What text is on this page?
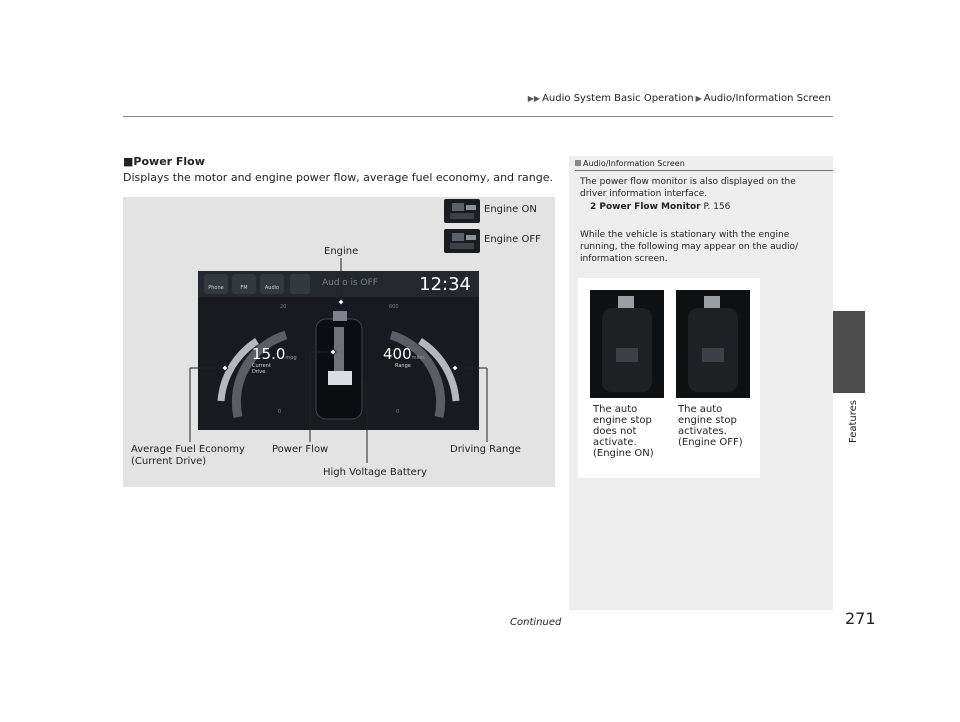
▶▶ Audio System Basic Operation ▶ Audio/Information Screen
Features
■Power Flow
Displays the motor and engine power flow, average fuel economy, and range.
Engine ON
Engine OFF
Engine
Phone	FM	Audio	Audio is OFF 12:34
20	600
0	0
15.0mpg
Current
Drive
400miles
Range
Average Fuel Economy
(Current Drive)
Power Flow	Driving Range
High Voltage Battery
Audio/Information Screen
The power flow monitor is also displayed on the driver information interface.
2 Power Flow Monitor P. 156
While the vehicle is stationary with the engine running, the following may appear on the audio/ information screen.
The auto
engine stop
does not
activate.
(Engine ON)
The auto
engine stop
activates.
(Engine OFF)
Continued	271
